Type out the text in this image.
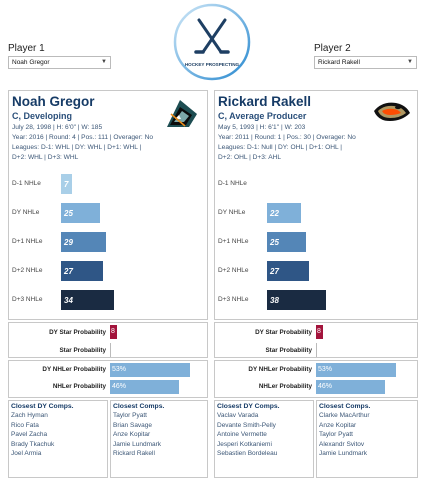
HOCKEY PROSPECTING
Player 1
Noah Gregor	▼
Player 2
Rickard Rakell	▼
Noah Gregor
C, Developing
July 28, 1998 | H: 6'0" | W: 185
Year: 2016 | Round: 4 | Pos.: 111 | Overager: No
Leagues: D-1: WHL | DY: WHL | D+1: WHL |
D+2: WHL | D+3: WHL
Rickard Rakell
C, Average Producer
May 5, 1993 | H: 6'1'' | W: 203
Year: 2011 | Round: 1 | Pos.: 30 | Overager: No
Leagues: D-1: Null | DY: OHL | D+1: OHL |
D+2: OHL | D+3: AHL
D-1 NHLe	7
DY NHLe	25
D+1 NHLe	29
D+2 NHLe	27
D+3 NHLe	34
D-1 NHLe
DY NHLe	22
D+1 NHLe	25
D+2 NHLe	27
D+3 NHLe	38
DY Star Probability 8
Star Probability
DY NHLer Probability 53%
NHLer Probability 46%
DY Star Probability 8
Star Probability
DY NHLer Probability 53%
NHLer Probability 46%
Closest DY Comps.
Zach Hyman
Rico Fata
Pavel Zacha
Brady Tkachuk
Joel Armia
Closest Comps.
Taylor Pyatt
Brian Savage
Anze Kopitar
Jamie Lundmark
Rickard Rakell
Closest DY Comps.
Vaclav Varada
Devante Smith-Pelly
Antoine Vermette
Jesperi Kotkaniemi
Sebastien Bordeleau
Closest Comps.
Clarke MacArthur
Anze Kopitar
Taylor Pyatt
Alexandr Svitov
Jamie Lundmark
